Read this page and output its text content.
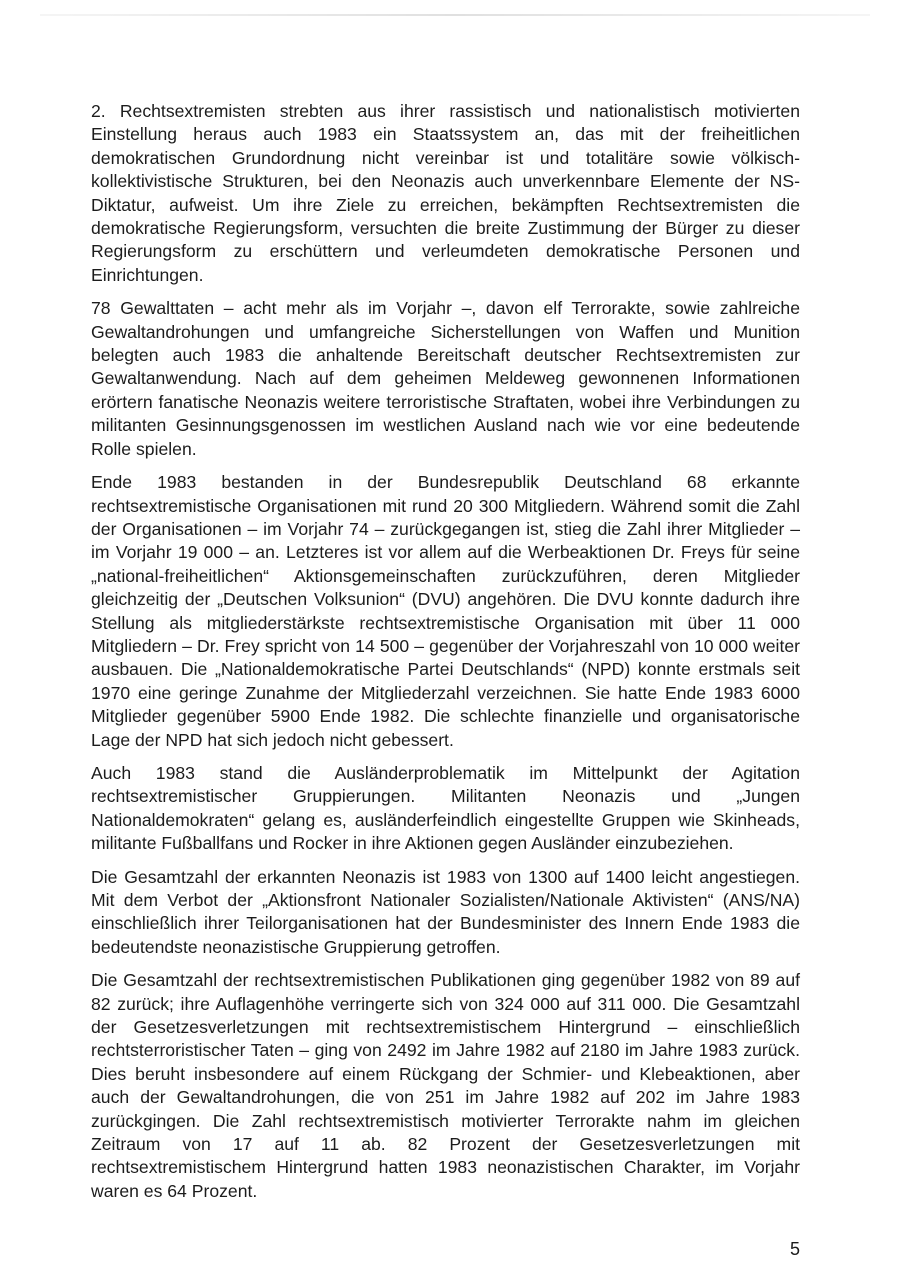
2. Rechtsextremisten strebten aus ihrer rassistisch und nationalistisch motivierten Einstellung heraus auch 1983 ein Staatssystem an, das mit der freiheitlichen demokratischen Grundordnung nicht vereinbar ist und totalitäre sowie völkisch-kollektivistische Strukturen, bei den Neonazis auch unverkennbare Elemente der NS-Diktatur, aufweist. Um ihre Ziele zu erreichen, bekämpften Rechtsextremisten die demokratische Regierungsform, versuchten die breite Zustimmung der Bürger zu dieser Regierungsform zu erschüttern und verleumdeten demokratische Personen und Einrichtungen.

78 Gewalttaten – acht mehr als im Vorjahr –, davon elf Terrorakte, sowie zahlreiche Gewaltandrohungen und umfangreiche Sicherstellungen von Waffen und Munition belegten auch 1983 die anhaltende Bereitschaft deutscher Rechtsextremisten zur Gewaltanwendung. Nach auf dem geheimen Meldeweg gewonnenen Informationen erörtern fanatische Neonazis weitere terroristische Straftaten, wobei ihre Verbindungen zu militanten Gesinnungsgenossen im westlichen Ausland nach wie vor eine bedeutende Rolle spielen.

Ende 1983 bestanden in der Bundesrepublik Deutschland 68 erkannte rechtsextremistische Organisationen mit rund 20 300 Mitgliedern. Während somit die Zahl der Organisationen – im Vorjahr 74 – zurückgegangen ist, stieg die Zahl ihrer Mitglieder – im Vorjahr 19 000 – an. Letzteres ist vor allem auf die Werbeaktionen Dr. Freys für seine „national-freiheitlichen“ Aktionsgemeinschaften zurückzuführen, deren Mitglieder gleichzeitig der „Deutschen Volksunion“ (DVU) angehören. Die DVU konnte dadurch ihre Stellung als mitgliederstärkste rechtsextremistische Organisation mit über 11 000 Mitgliedern – Dr. Frey spricht von 14 500 – gegenüber der Vorjahreszahl von 10 000 weiter ausbauen. Die „Nationaldemokratische Partei Deutschlands“ (NPD) konnte erstmals seit 1970 eine geringe Zunahme der Mitgliederzahl verzeichnen. Sie hatte Ende 1983 6000 Mitglieder gegenüber 5900 Ende 1982. Die schlechte finanzielle und organisatorische Lage der NPD hat sich jedoch nicht gebessert.

Auch 1983 stand die Ausländerproblematik im Mittelpunkt der Agitation rechtsextremistischer Gruppierungen. Militanten Neonazis und „Jungen Nationaldemokraten“ gelang es, ausländerfeindlich eingestellte Gruppen wie Skinheads, militante Fußballfans und Rocker in ihre Aktionen gegen Ausländer einzubeziehen.

Die Gesamtzahl der erkannten Neonazis ist 1983 von 1300 auf 1400 leicht angestiegen. Mit dem Verbot der „Aktionsfront Nationaler Sozialisten/Nationale Aktivisten“ (ANS/NA) einschließlich ihrer Teilorganisationen hat der Bundesminister des Innern Ende 1983 die bedeutendste neonazistische Gruppierung getroffen.

Die Gesamtzahl der rechtsextremistischen Publikationen ging gegenüber 1982 von 89 auf 82 zurück; ihre Auflagenhöhe verringerte sich von 324 000 auf 311 000. Die Gesamtzahl der Gesetzesverletzungen mit rechtsextremistischem Hintergrund – einschließlich rechtsterroristischer Taten – ging von 2492 im Jahre 1982 auf 2180 im Jahre 1983 zurück. Dies beruht insbesondere auf einem Rückgang der Schmier- und Klebeaktionen, aber auch der Gewaltandrohungen, die von 251 im Jahre 1982 auf 202 im Jahre 1983 zurückgingen. Die Zahl rechtsextremistisch motivierter Terrorakte nahm im gleichen Zeitraum von 17 auf 11 ab. 82 Prozent der Gesetzesverletzungen mit rechtsextremistischem Hintergrund hatten 1983 neonazistischen Charakter, im Vorjahr waren es 64 Prozent.

5
